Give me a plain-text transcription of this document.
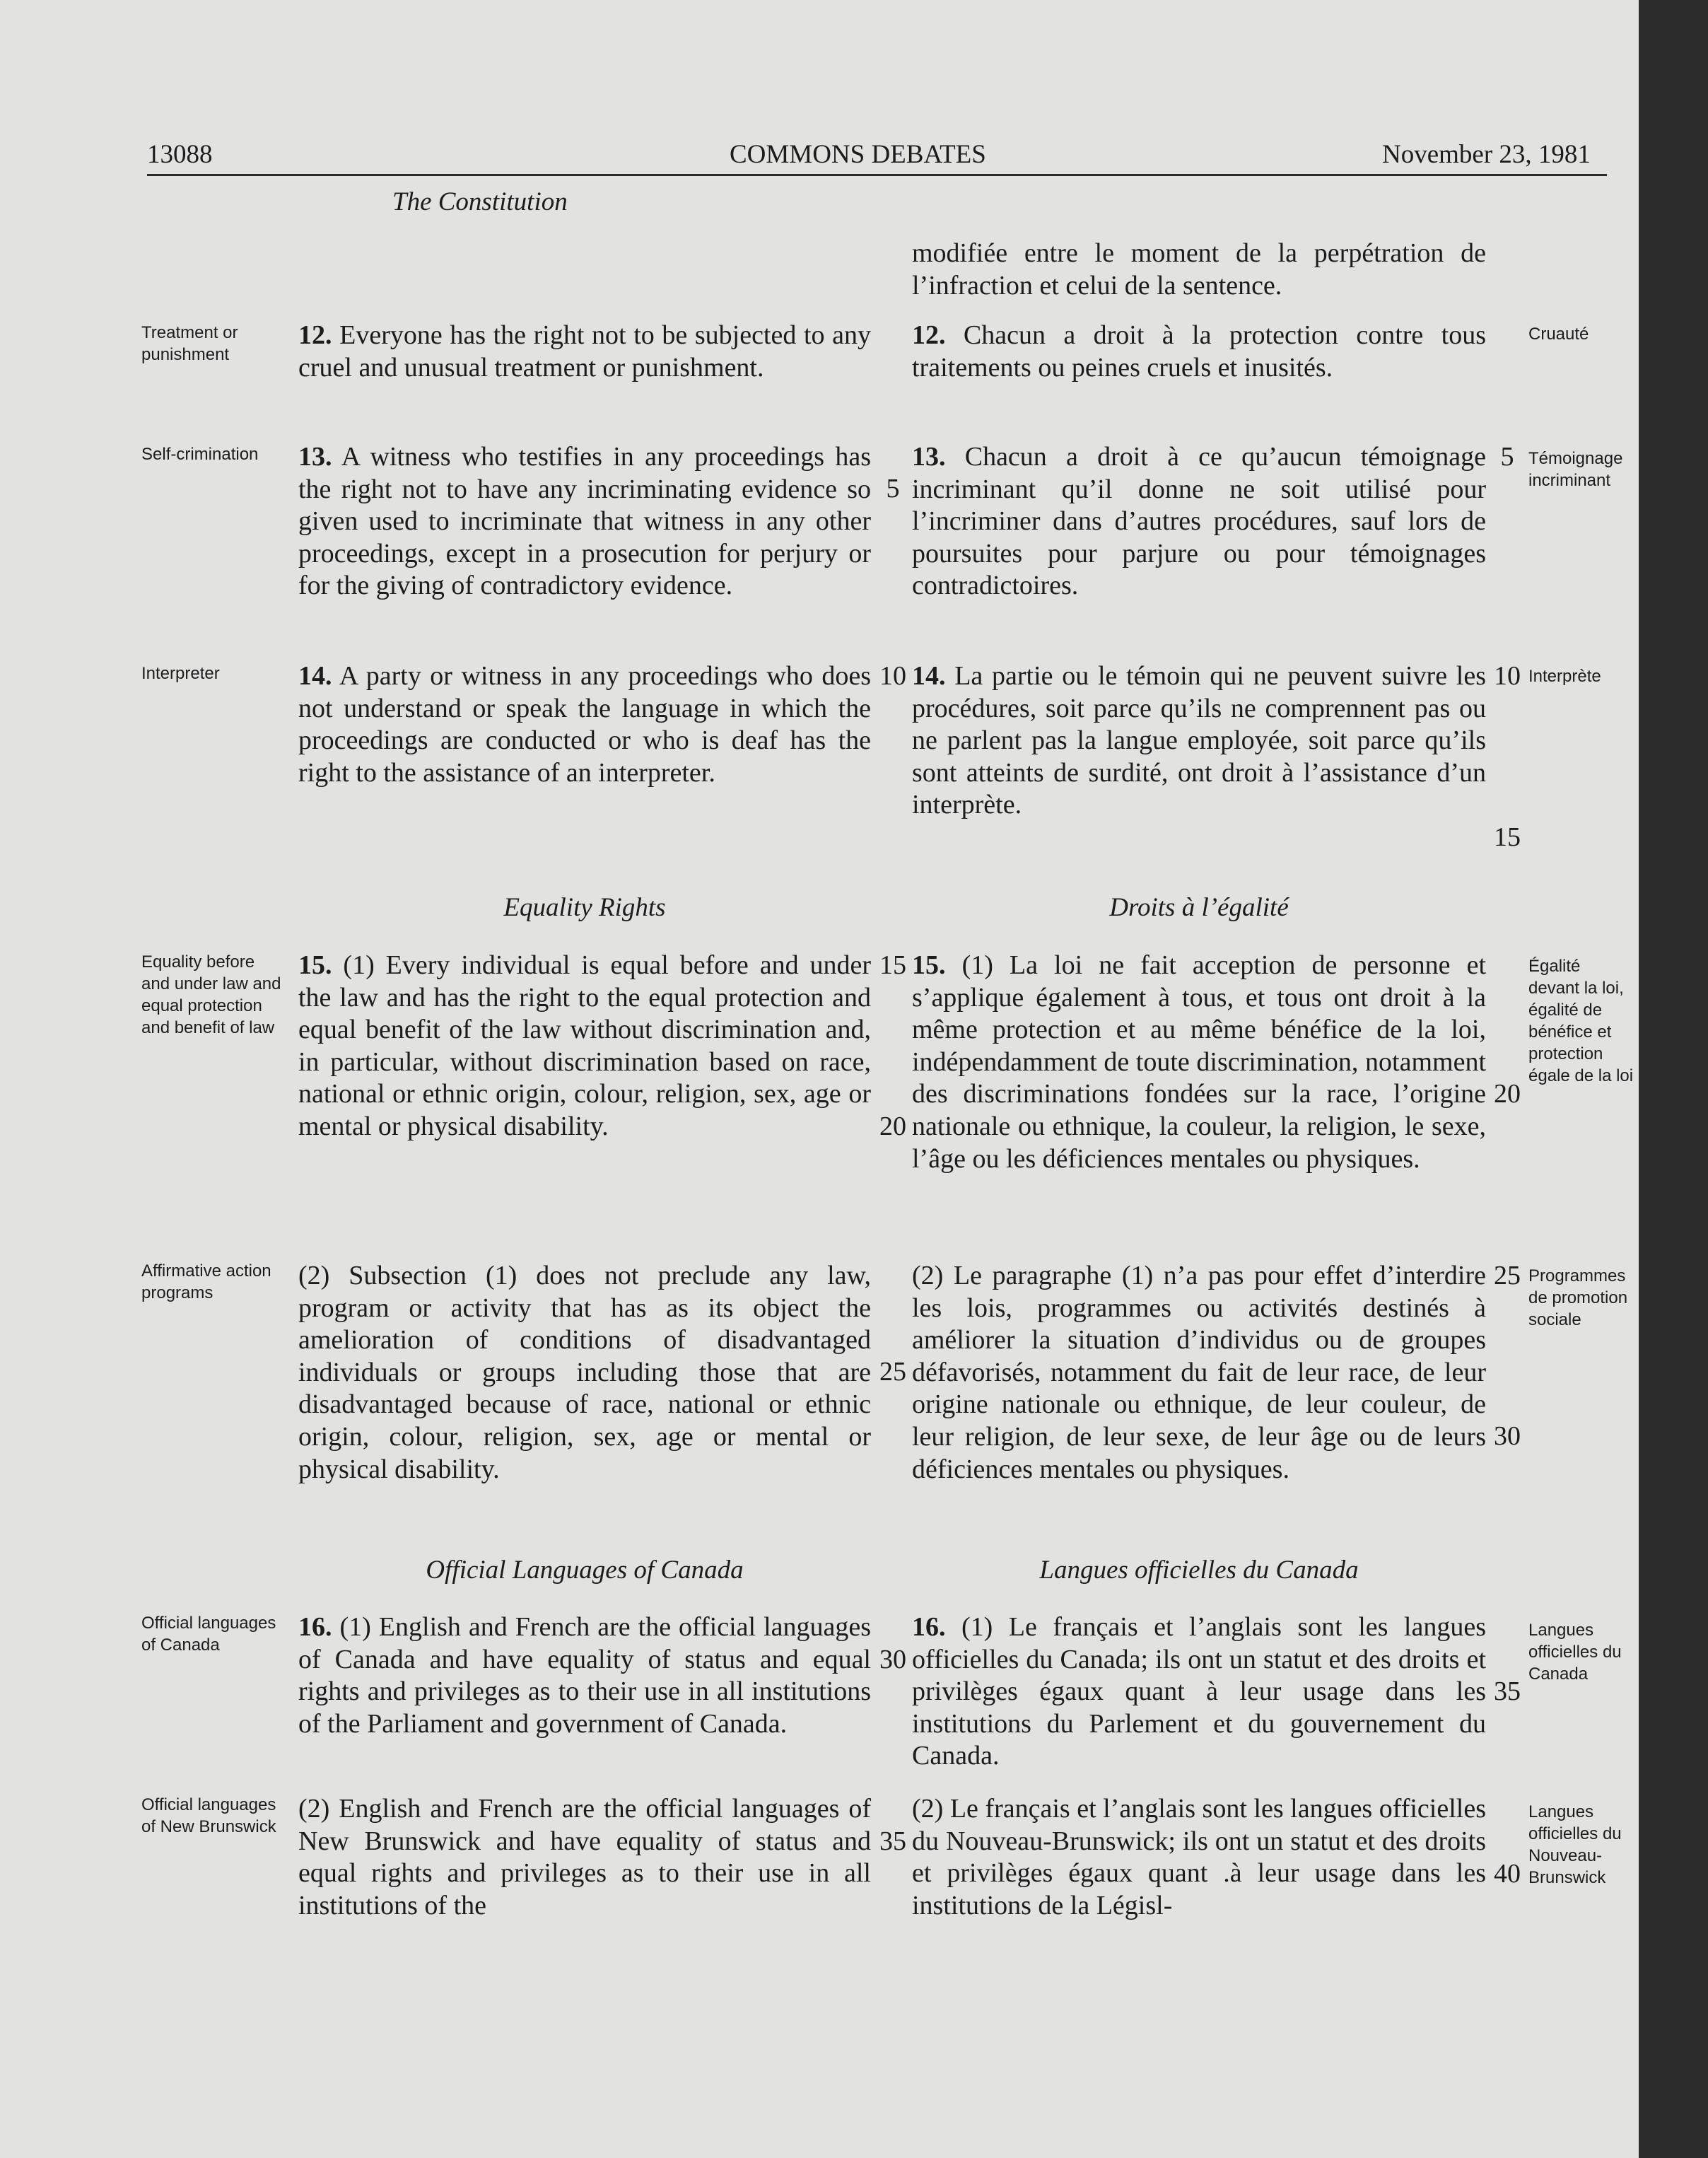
13088	COMMONS DEBATES	November 23, 1981
The Constitution
modifiée entre le moment de la perpétration de l’infraction et celui de la sentence.
Treatment or punishment
12. Everyone has the right not to be subjected to any cruel and unusual treatment or punishment.
12. Chacun a droit à la protection contre tous traitements ou peines cruels et inusités.
Cruauté
Self-crimination	13. A witness who testifies in any proceedings has the right not to have any incriminating evidence so given used to incriminate that witness in any other proceedings, except in a prosecution for perjury or for the giving of contradictory evidence.
13. Chacun a droit à ce qu’aucun témoignage incriminant qu’il donne ne soit utilisé pour l’incriminer dans d’autres procédures, sauf lors de poursuites pour parjure ou pour témoignages contradictoires.
Témoignage incriminant
5
5
Interpreter	14. A party or witness in any proceedings who does not understand or speak the language in which the proceedings are conducted or who is deaf has the right to the assistance of an interpreter.
14. La partie ou le témoin qui ne peuvent suivre les procédures, soit parce qu’ils ne comprennent pas ou ne parlent pas la langue employée, soit parce qu’ils sont atteints de surdité, ont droit à l’assistance d’un interprète.
Interprète
10	10
15
Equality Rights	Droits à l’égalité
Equality before and under law and equal protection and benefit of law
15. (1) Every individual is equal before and under the law and has the right to the equal protection and equal benefit of the law without discrimination and, in particular, without discrimination based on race, national or ethnic origin, colour, religion, sex, age or mental or physical disability.
15. (1) La loi ne fait acception de personne et s’applique également à tous, et tous ont droit à la même protection et au même bénéfice de la loi, indépendamment de toute discrimination, notamment des discriminations fondées sur la race, l’origine nationale ou ethnique, la couleur, la religion, le sexe, l’âge ou les déficiences mentales ou physiques.
Égalité devant la loi, égalité de bénéfice et protection égale de la loi
15
20
20
Affirmative action programs
(2) Subsection (1) does not preclude any law, program or activity that has as its object the amelioration of conditions of disadvantaged individuals or groups including those that are disadvantaged because of race, national or ethnic origin, colour, religion, sex, age or mental or physical disability.
(2) Le paragraphe (1) n’a pas pour effet d’interdire les lois, programmes ou activités destinés à améliorer la situation d’individus ou de groupes défavorisés, notamment du fait de leur race, de leur origine nationale ou ethnique, de leur couleur, de leur religion, de leur sexe, de leur âge ou de leurs déficiences mentales ou physiques.
Programmes de promotion sociale
25
25
30
Official Languages of Canada	Langues officielles du Canada
Official languages of Canada
16. (1) English and French are the official languages of Canada and have equality of status and equal rights and privileges as to their use in all institutions of the Parliament and government of Canada.
16. (1) Le français et l’anglais sont les langues officielles du Canada; ils ont un statut et des droits et privilèges égaux quant à leur usage dans les institutions du Parlement et du gouvernement du Canada.
Langues officielles du Canada
30
35
Official languages of New Brunswick
(2) English and French are the official languages of New Brunswick and have equality of status and equal rights and privileges as to their use in all institutions of the
(2) Le français et l’anglais sont les langues officielles du Nouveau-Brunswick; ils ont un statut et des droits et privilèges égaux quant .à leur usage dans les institutions de la Législ-
Langues officielles du Nouveau-Brunswick
35
40
